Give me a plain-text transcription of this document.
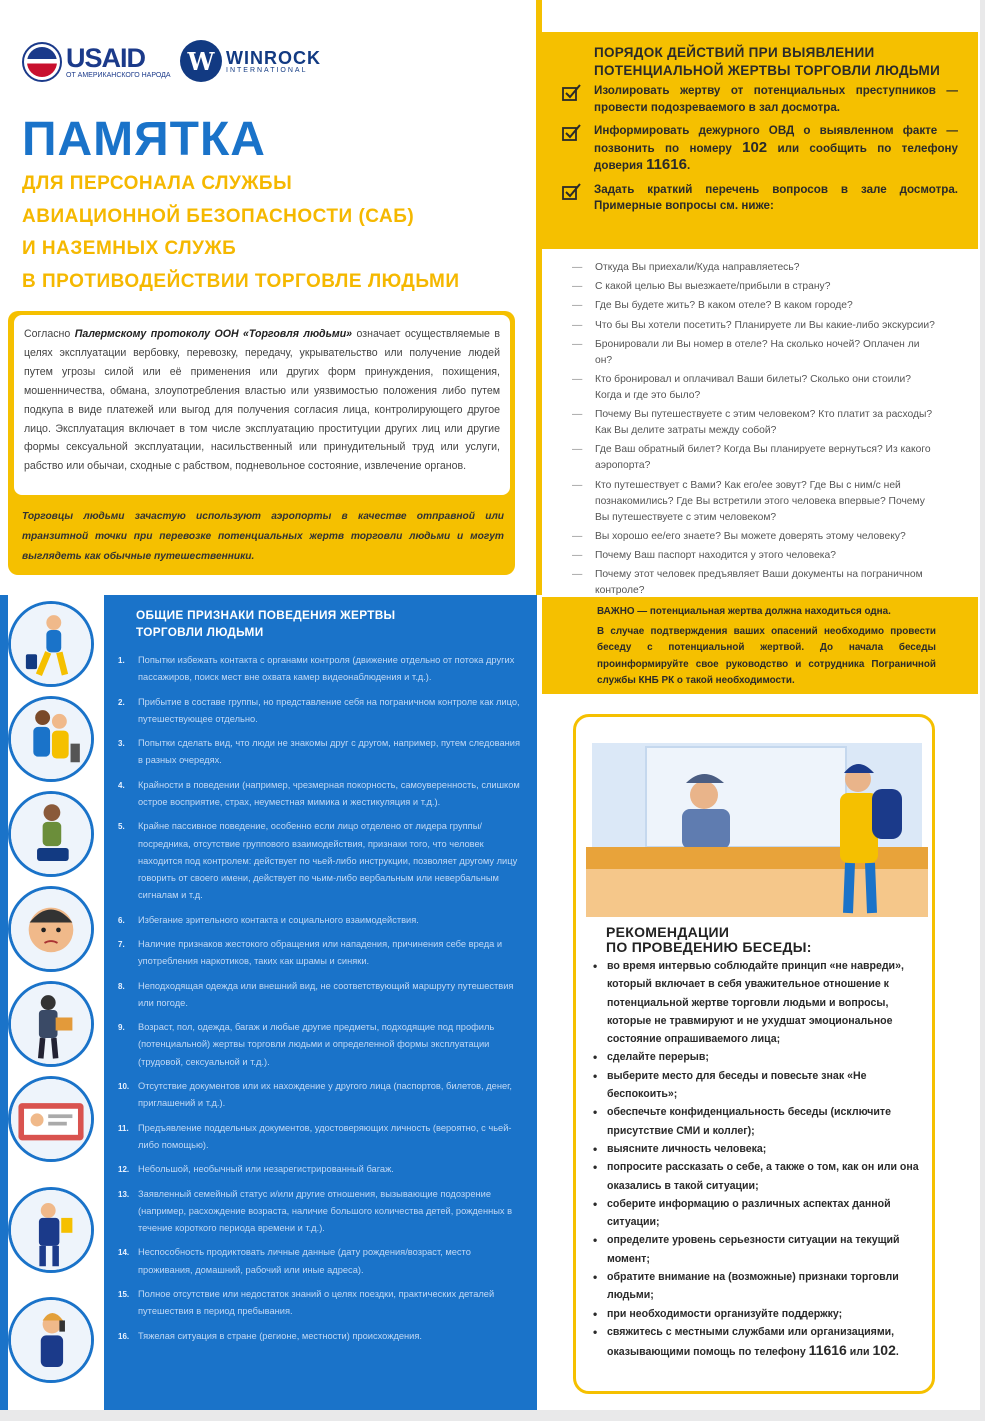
USAID
ОТ АМЕРИКАНСКОГО НАРОДА W WINROCK
INTERNATIONAL
ПАМЯТКА
ДЛЯ ПЕРСОНАЛА СЛУЖБЫ
АВИАЦИОННОЙ БЕЗОПАСНОСТИ (САБ)
И НАЗЕМНЫХ СЛУЖБ
В ПРОТИВОДЕЙСТВИИ ТОРГОВЛЕ ЛЮДЬМИ
Согласно Палермскому протоколу ООН «Торговля людьми» означает осуществляемые в целях эксплуатации вербовку, перевозку, передачу, укрывательство или получение людей путем угрозы силой или её применения или других форм принуждения, похищения, мошенничества, обмана, злоупотребления властью или уязвимостью положения либо путем подкупа в виде платежей или выгод для получения согласия лица, контролирующего другое лицо. Эксплуатация включает в том числе эксплуатацию проституции других лиц или другие формы сексуальной эксплуатации, насильственный или принудительный труд или услуги, рабство или обычаи, сходные с рабством, подневольное состояние, извлечение органов.
Торговцы людьми зачастую используют аэропорты в качестве отправной или транзитной точки при перевозке потенциальных жертв торговли людьми и могут выглядеть как обычные путешественники.
ПОРЯДОК ДЕЙСТВИЙ ПРИ ВЫЯВЛЕНИИ ПОТЕНЦИАЛЬНОЙ ЖЕРТВЫ ТОРГОВЛИ ЛЮДЬМИ
Изолировать жертву от потенциальных преступников — провести подозреваемого в зал досмотра.
Информировать дежурного ОВД о выявленном факте — позвонить по номеру 102 или сообщить по телефону доверия 11616.
Задать краткий перечень вопросов в зале досмотра. Примерные вопросы см. ниже:
— Откуда Вы приехали/Куда направляетесь?
— С какой целью Вы выезжаете/прибыли в страну?
— Где Вы будете жить? В каком отеле? В каком городе?
— Что бы Вы хотели посетить? Планируете ли Вы какие-либо экскурсии?
— Бронировали ли Вы номер в отеле? На сколько ночей? Оплачен ли он?
— Кто бронировал и оплачивал Ваши билеты? Сколько они стоили? Когда и где это было?
— Почему Вы путешествуете с этим человеком? Кто платит за расходы? Как Вы делите затраты между собой?
— Где Ваш обратный билет? Когда Вы планируете вернуться? Из какого аэропорта?
— Кто путешествует с Вами? Как его/ее зовут? Где Вы с ним/с ней познакомились? Где Вы встретили этого человека впервые? Почему Вы путешествуете с этим человеком?
— Вы хорошо ее/его знаете? Вы можете доверять этому человеку?
— Почему Ваш паспорт находится у этого человека?
— Почему этот человек предъявляет Ваши документы на пограничном контроле?
ОБЩИЕ ПРИЗНАКИ ПОВЕДЕНИЯ ЖЕРТВЫ
ТОРГОВЛИ ЛЮДЬМИ
1. Попытки избежать контакта с органами контроля (движение отдельно от потока других пассажиров, поиск мест вне охвата камер видеонаблюдения и т.д.).
2. Прибытие в составе группы, но представление себя на пограничном контроле как лицо, путешествующее отдельно.
3. Попытки сделать вид, что люди не знакомы друг с другом, например, путем следования в разных очередях.
4. Крайности в поведении (например, чрезмерная покорность, самоуверенность, слишком острое восприятие, страх, неуместная мимика и жестикуляция и т.д.).
5. Крайне пассивное поведение, особенно если лицо отделено от лидера группы/посредника, отсутствие группового взаимодействия, признаки того, что человек находится под контролем: действует по чьей-либо инструкции, позволяет другому лицу говорить от своего имени, действует по чьим-либо вербальным или невербальным сигналам и т.д.
6. Избегание зрительного контакта и социального взаимодействия.
7. Наличие признаков жестокого обращения или нападения, причинения себе вреда и употребления наркотиков, таких как шрамы и синяки.
8. Неподходящая одежда или внешний вид, не соответствующий маршруту путешествия или погоде.
9. Возраст, пол, одежда, багаж и любые другие предметы, подходящие под профиль (потенциальной) жертвы торговли людьми и определенной формы эксплуатации (трудовой, сексуальной и т.д.).
10. Отсутствие документов или их нахождение у другого лица (паспортов, билетов, денег, приглашений и т.д.).
11. Предъявление поддельных документов, удостоверяющих личность (вероятно, с чьей-либо помощью).
12. Небольшой, необычный или незарегистрированный багаж.
13. Заявленный семейный статус и/или другие отношения, вызывающие подозрение (например, расхождение возраста, наличие большого количества детей, рожденных в течение короткого периода времени и т.д.).
14. Неспособность продиктовать личные данные (дату рождения/возраст, место проживания, домашний, рабочий или иные адреса).
15. Полное отсутствие или недостаток знаний о целях поездки, практических деталей путешествия в период пребывания.
16. Тяжелая ситуация в стране (регионе, местности) происхождения.

ВАЖНО — потенциальная жертва должна находиться одна.

В случае подтверждения ваших опасений необходимо провести беседу с потенциальной жертвой. До начала беседы проинформируйте свое руководство и сотрудника Пограничной службы КНБ РК о такой необходимости.

РЕКОМЕНДАЦИИ
ПО ПРОВЕДЕНИЮ БЕСЕДЫ:
• во время интервью соблюдайте принцип «не навреди», который включает в себя уважительное отношение к потенциальной жертве торговли людьми и вопросы, которые не травмируют и не ухудшат эмоциональное состояние опрашиваемого лица;
• сделайте перерыв;
• выберите место для беседы и повесьте знак «Не беспокоить»;
• обеспечьте конфиденциальность беседы (исключите присутствие СМИ и коллег);
• выясните личность человека;
• попросите рассказать о себе, а также о том, как он или она оказались в такой ситуации;
• соберите информацию о различных аспектах данной ситуации;
• определите уровень серьезности ситуации на текущий момент;
• обратите внимание на (возможные) признаки торговли людьми;
• при необходимости организуйте поддержку;
• свяжитесь с местными службами или организациями, оказывающими помощь по телефону 11616 или 102.
